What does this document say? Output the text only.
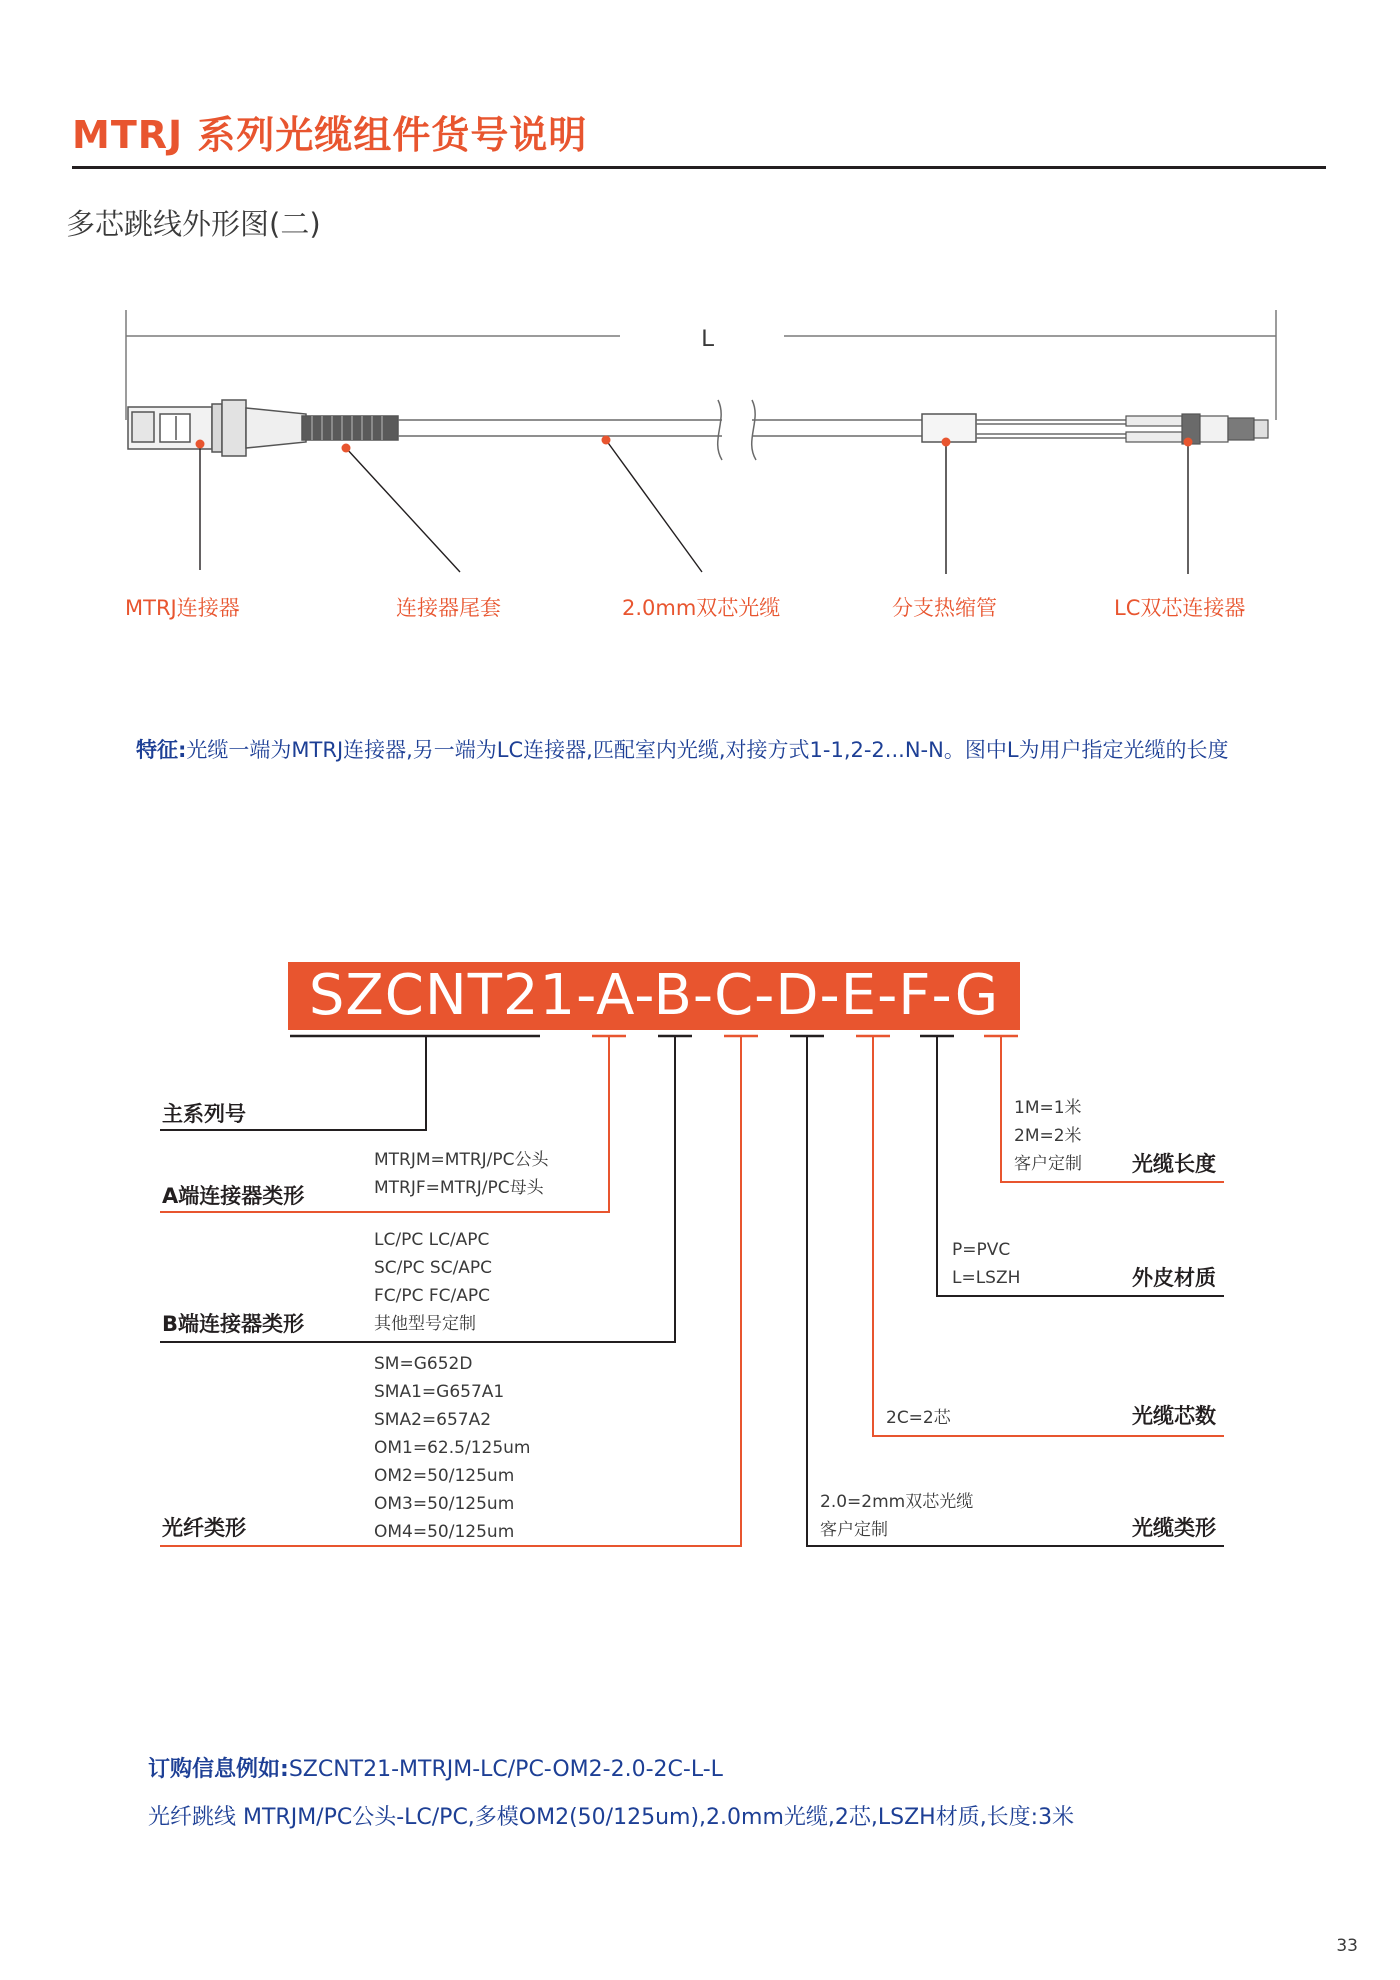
MTRJ 系列光缆组件货号说明
多芯跳线外形图(二)
L
MTRJ连接器	连接器尾套	2.0mm双芯光缆	分支热缩管	LC双芯连接器
特征:光缆一端为MTRJ连接器,另一端为LC连接器,匹配室内光缆,对接方式1-1,2-2...N-N。图中L为用户指定光缆的长度
SZCNT21-A-B-C-D-E-F-G
主系列号
MTRJM=MTRJ/PC公头
MTRJF=MTRJ/PC母头
A端连接器类形
LC/PC LC/APC
SC/PC SC/APC
FC/PC FC/APC
其他型号定制
B端连接器类形
SM=G652D
SMA1=G657A1
SMA2=657A2
OM1=62.5/125um
OM2=50/125um
OM3=50/125um
OM4=50/125um
光纤类形
1M=1米
2M=2米
客户定制 光缆长度
P=PVC
L=LSZH	外皮材质
2C=2芯	光缆芯数
2.0=2mm双芯光缆
客户定制	光缆类形
订购信息例如:SZCNT21-MTRJM-LC/PC-OM2-2.0-2C-L-L
光纤跳线 MTRJM/PC公头-LC/PC,多模OM2(50/125um),2.0mm光缆,2芯,LSZH材质,长度:3米
33
